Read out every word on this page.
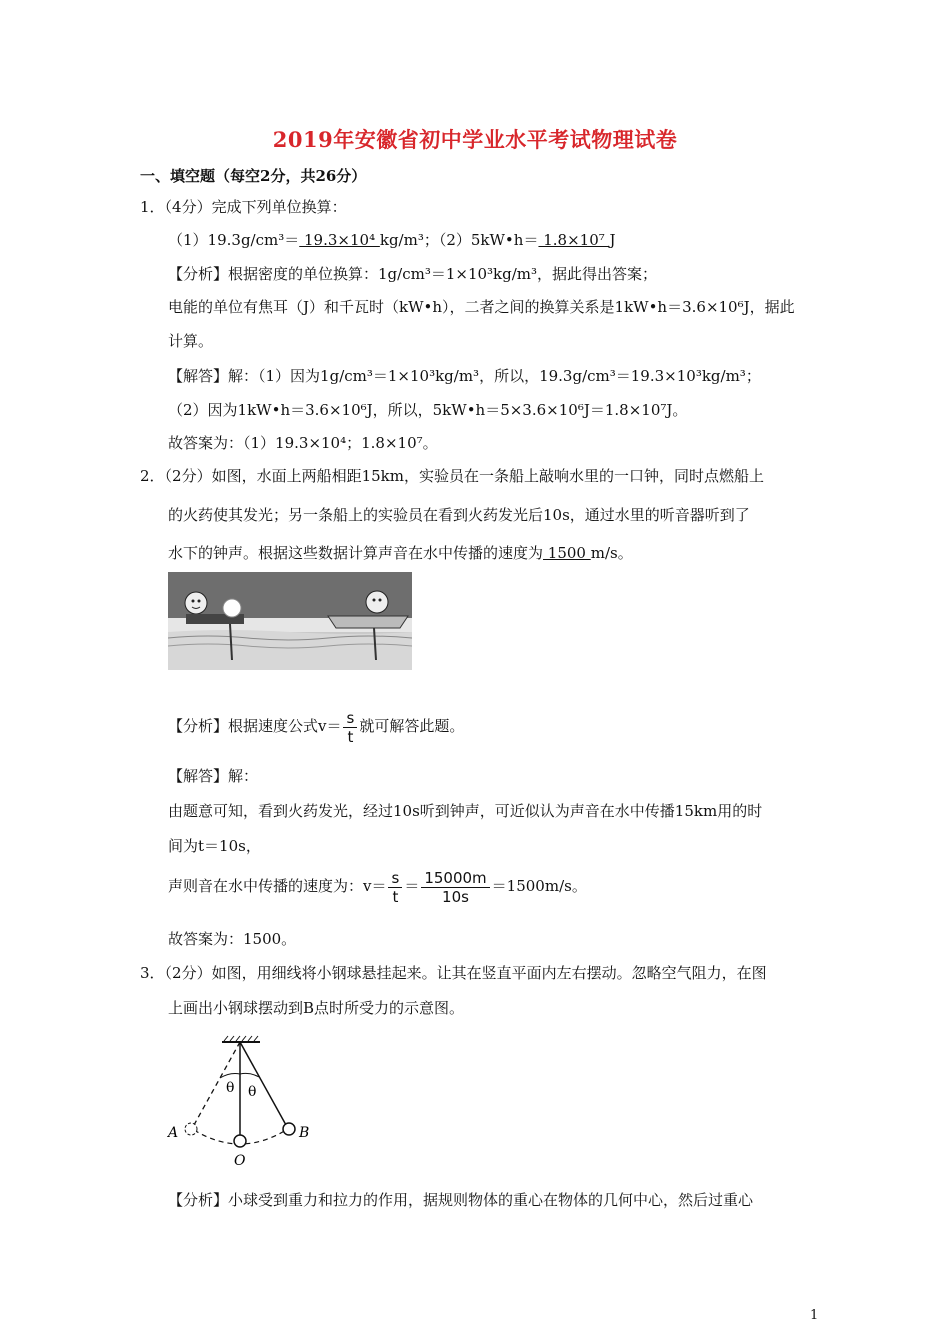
2019年安徽省初中学业水平考试物理试卷
一、填空题（每空2分，共26分）
1．（4分）完成下列单位换算：
（1）19.3g/cm³＝ 19.3×10⁴ kg/m³；（2）5kW•h＝ 1.8×10⁷ J
【分析】根据密度的单位换算：1g/cm³＝1×10³kg/m³，据此得出答案；
电能的单位有焦耳（J）和千瓦时（kW•h），二者之间的换算关系是1kW•h＝3.6×10⁶J，据此
计算。
【解答】解：（1）因为1g/cm³＝1×10³kg/m³，所以，19.3g/cm³＝19.3×10³kg/m³；
（2）因为1kW•h＝3.6×10⁶J，所以，5kW•h＝5×3.6×10⁶J＝1.8×10⁷J。
故答案为：（1）19.3×10⁴；1.8×10⁷。
2．（2分）如图，水面上两船相距15km，实验员在一条船上敲响水里的一口钟，同时点燃船上
的火药使其发光；另一条船上的实验员在看到火药发光后10s，通过水里的听音器听到了
水下的钟声。根据这些数据计算声音在水中传播的速度为 1500 m/s。
【分析】根据速度公式$v= \frac{s}{t}$ 就可解答此题。
【解答】解：
由题意可知，看到火药发光，经过10s听到钟声，可近似认为声音在水中传播15km用的时
间为t＝10s，
声则音在水中传播的速度为：$v= \frac{s}{t} = \frac{15000m}{10s} =1500m/s$。
故答案为：1500。
3．（2分）如图，用细线将小钢球悬挂起来。让其在竖直平面内左右摆动。忽略空气阻力，在图
上画出小钢球摆动到B点时所受力的示意图。
θ θ
A	B
O
【分析】小球受到重力和拉力的作用，据规则物体的重心在物体的几何中心，然后过重心
1
